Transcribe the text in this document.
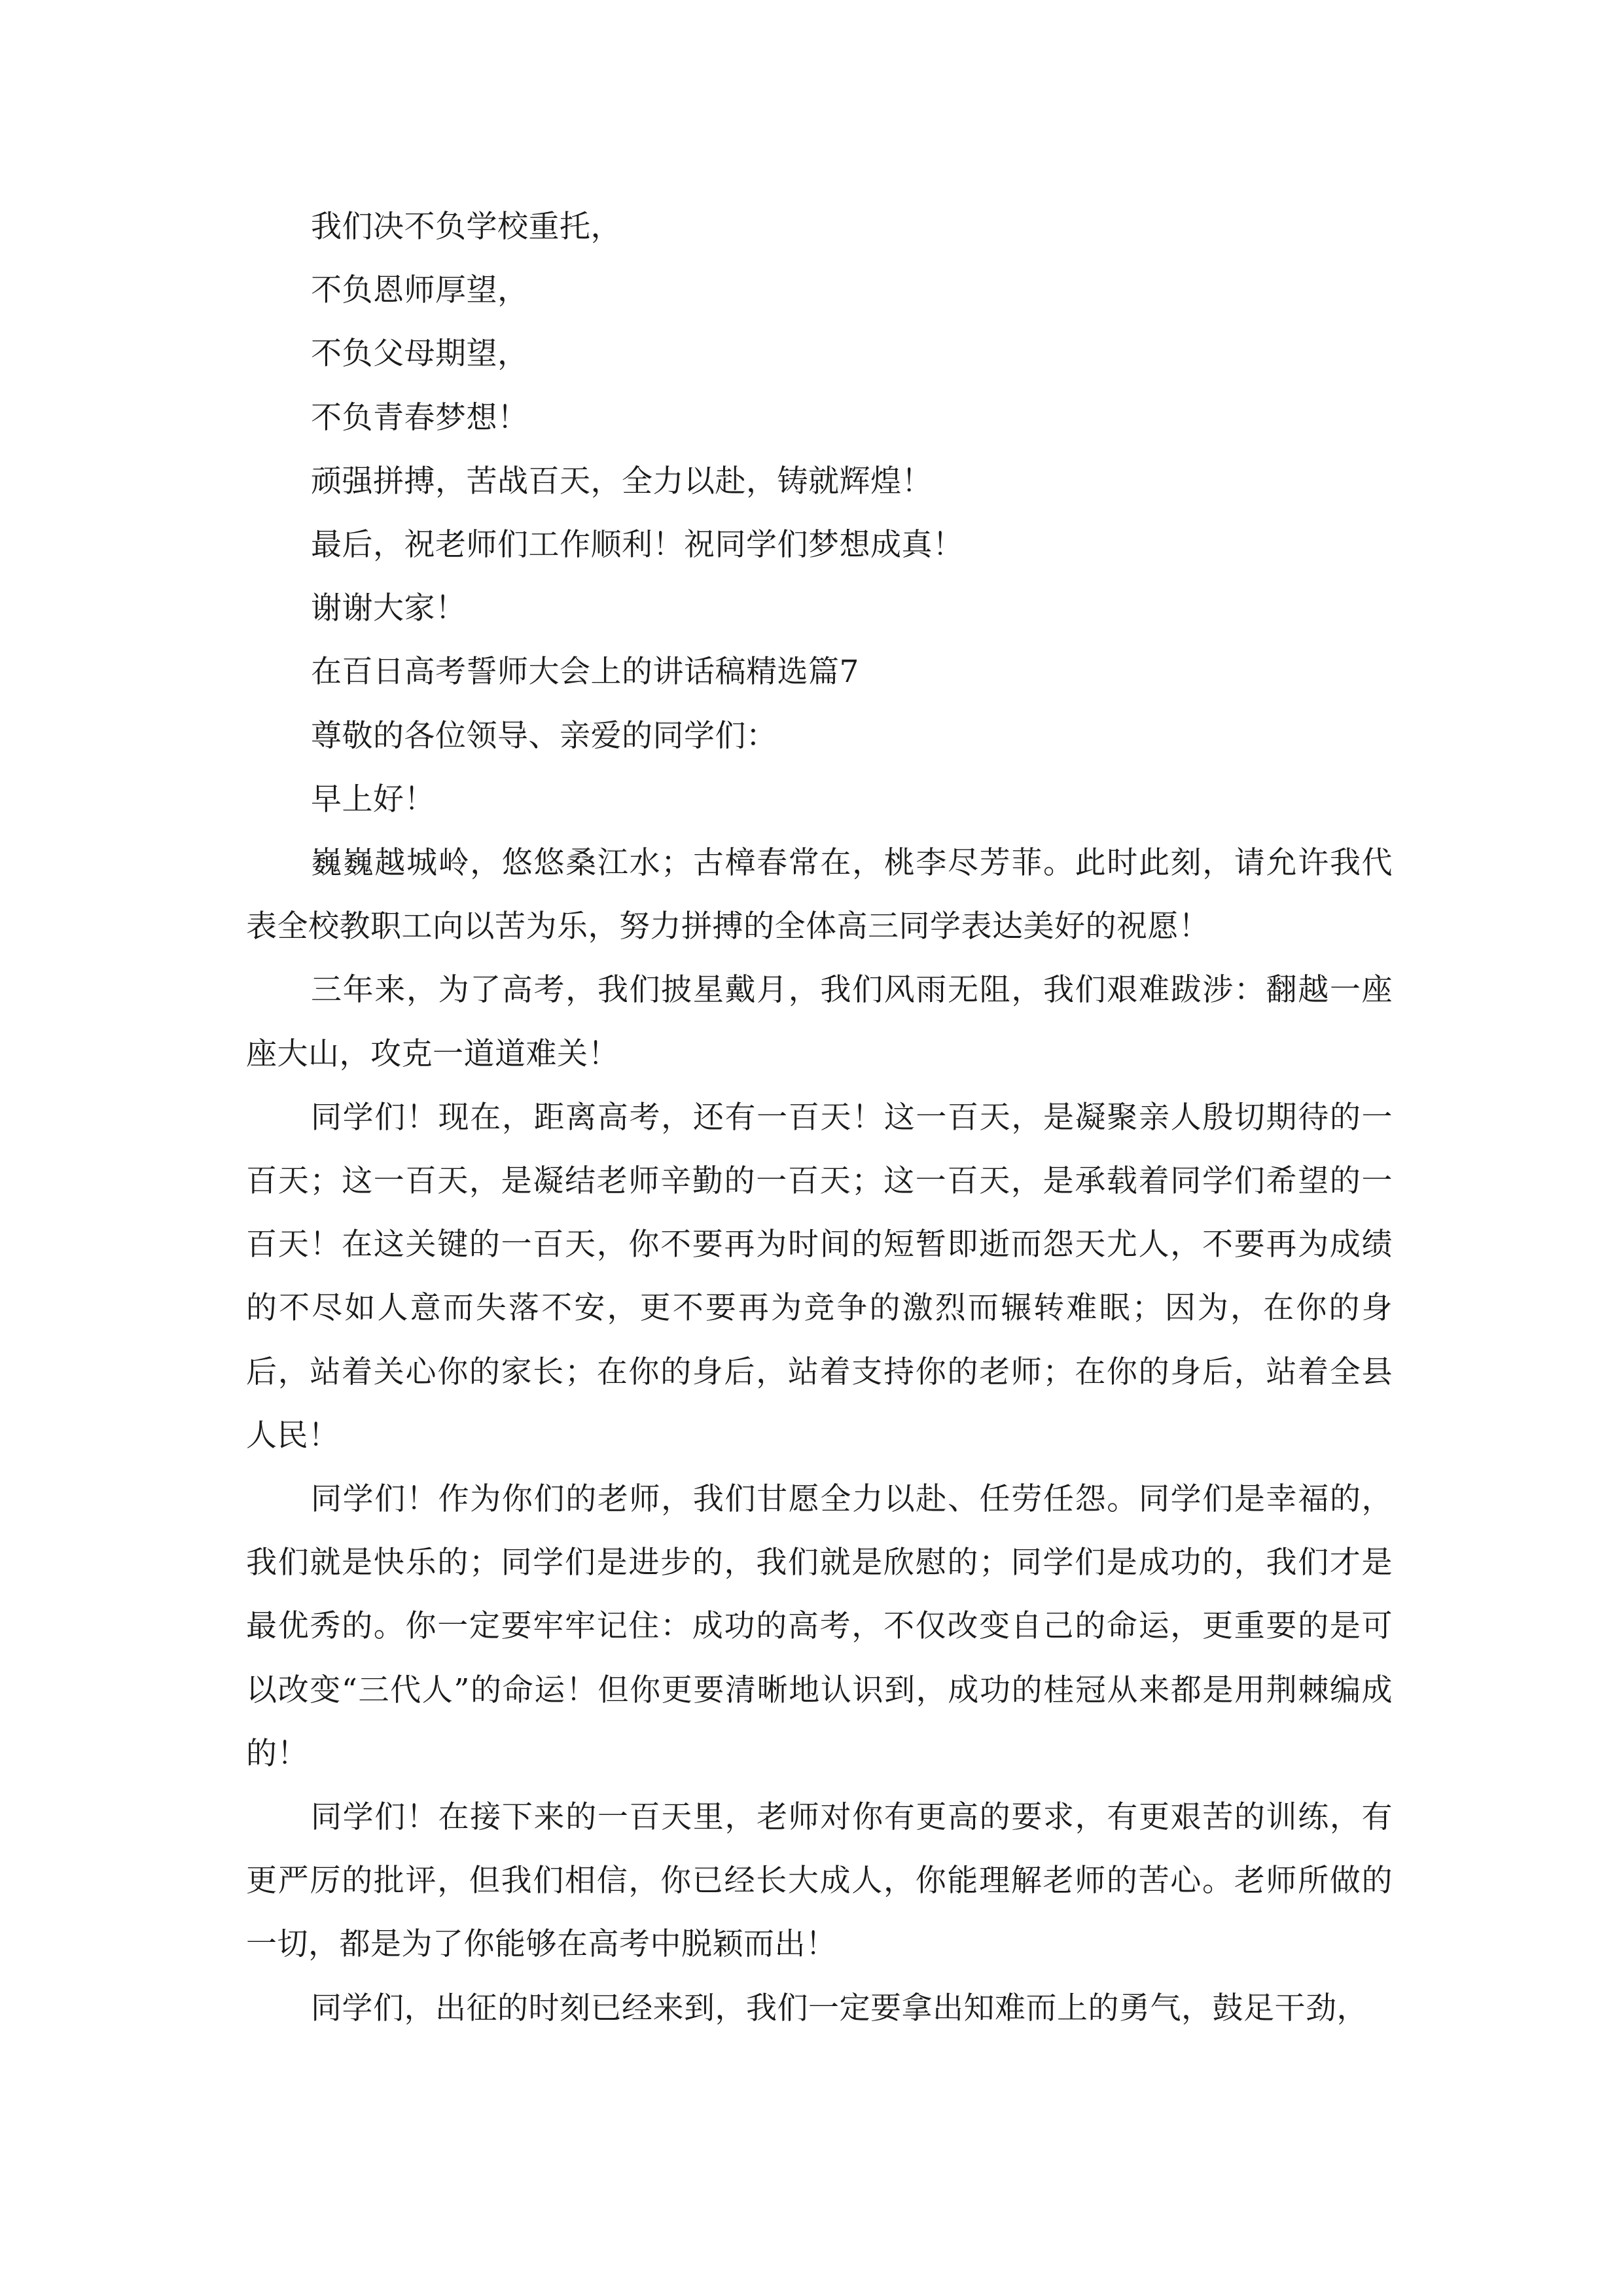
我们决不负学校重托，

不负恩师厚望，

不负父母期望，

不负青春梦想！

顽强拼搏，苦战百天，全力以赴，铸就辉煌！

最后，祝老师们工作顺利！祝同学们梦想成真！

谢谢大家！

在百日高考誓师大会上的讲话稿精选篇7

尊敬的各位领导、亲爱的同学们：

早上好！

巍巍越城岭，悠悠桑江水；古樟春常在，桃李尽芳菲。此时此刻，请允许我代表全校教职工向以苦为乐，努力拼搏的全体高三同学表达美好的祝愿！

三年来，为了高考，我们披星戴月，我们风雨无阻，我们艰难跋涉：翻越一座座大山，攻克一道道难关！

同学们！现在，距离高考，还有一百天！这一百天，是凝聚亲人殷切期待的一百天；这一百天，是凝结老师辛勤的一百天；这一百天，是承载着同学们希望的一百天！在这关键的一百天，你不要再为时间的短暂即逝而怨天尤人，不要再为成绩的不尽如人意而失落不安，更不要再为竞争的激烈而辗转难眠；因为，在你的身后，站着关心你的家长；在你的身后，站着支持你的老师；在你的身后，站着全县人民！

同学们！作为你们的老师，我们甘愿全力以赴、任劳任怨。同学们是幸福的，我们就是快乐的；同学们是进步的，我们就是欣慰的；同学们是成功的，我们才是最优秀的。你一定要牢牢记住：成功的高考，不仅改变自己的命运，更重要的是可以改变“三代人”的命运！但你更要清晰地认识到，成功的桂冠从来都是用荆棘编成的！

同学们！在接下来的一百天里，老师对你有更高的要求，有更艰苦的训练，有更严厉的批评，但我们相信，你已经长大成人，你能理解老师的苦心。老师所做的一切，都是为了你能够在高考中脱颖而出！

同学们，出征的时刻已经来到，我们一定要拿出知难而上的勇气，鼓足干劲，
